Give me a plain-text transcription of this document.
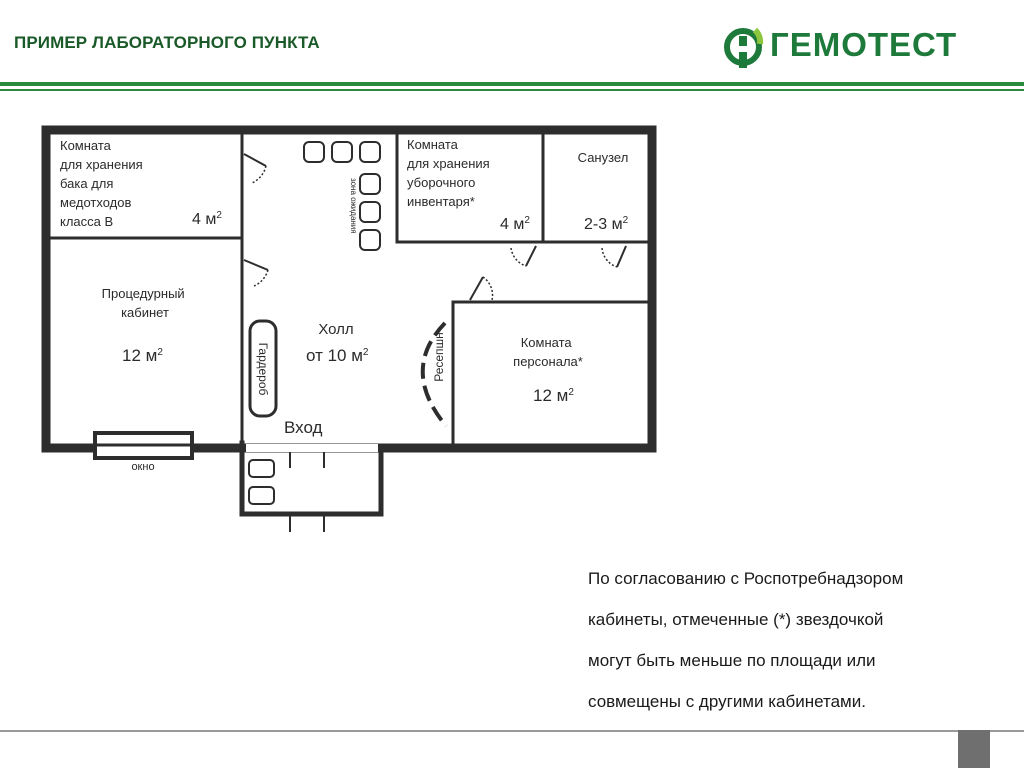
ПРИМЕР ЛАБОРАТОРНОГО ПУНКТА	ГЕМОТЕСТ
Комната для хранения бака для медотходов класса В	4 $м^2$
Комната для хранения уборочного инвентаря*
4 $м^2$
Санузел
2-3 $м^2$
Процедурный кабинет
12 $м^2$
Холл
от 10 $м^2$
Комната персонала*
12 $м^2$
зона ожидания
Гардероб	Ресепшн
Вход
окно
По согласованию с Роспотребнадзором
кабинеты, отмеченные (*) звездочкой
могут быть меньше по площади или
совмещены с другими кабинетами.
